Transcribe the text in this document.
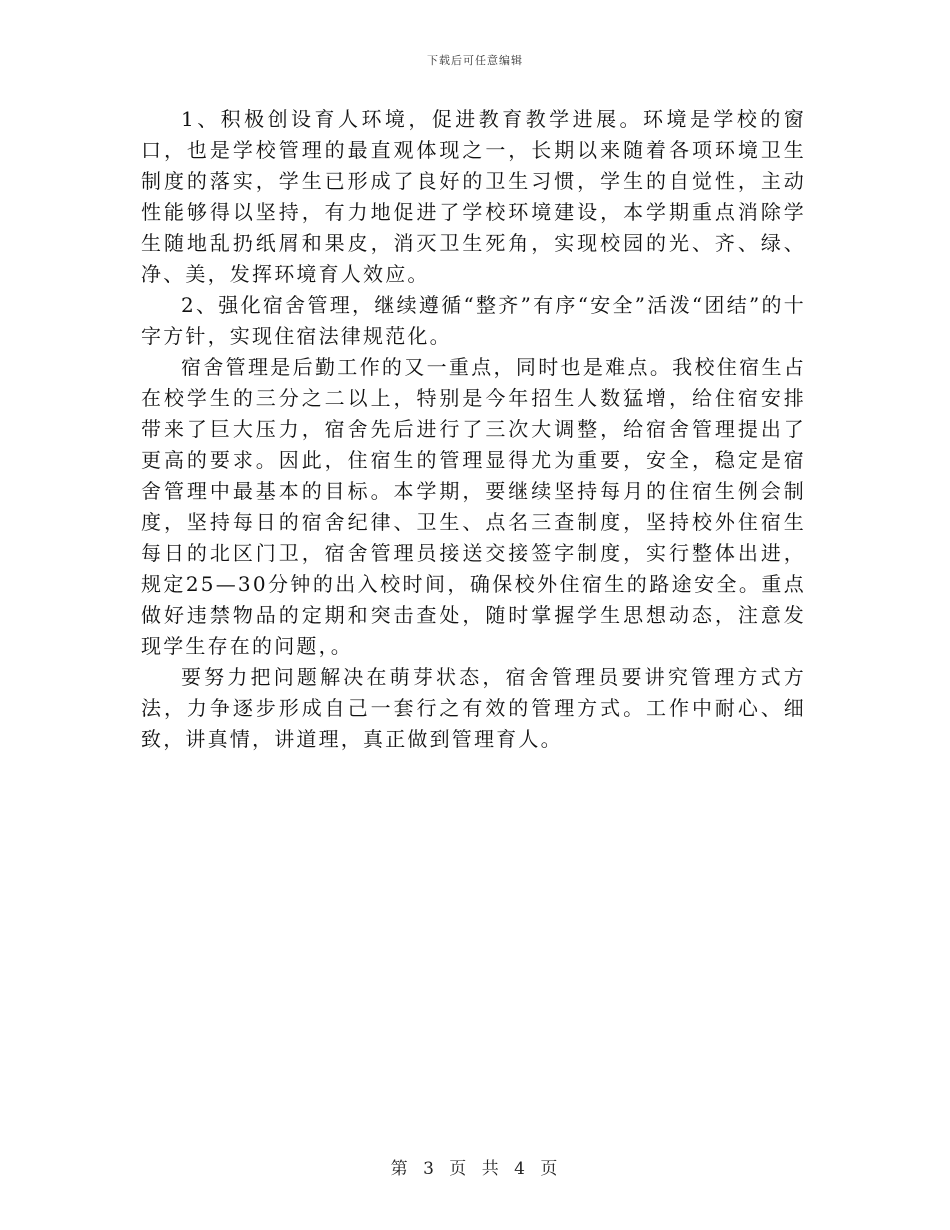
下载后可任意编辑

1、积极创设育人环境，促进教育教学进展。环境是学校的窗口，也是学校管理的最直观体现之一，长期以来随着各项环境卫生制度的落实，学生已形成了良好的卫生习惯，学生的自觉性，主动性能够得以坚持，有力地促进了学校环境建设，本学期重点消除学生随地乱扔纸屑和果皮，消灭卫生死角，实现校园的光、齐、绿、净、美，发挥环境育人效应。

2、强化宿舍管理，继续遵循“整齐”有序“安全”活泼“团结”的十字方针，实现住宿法律规范化。

宿舍管理是后勤工作的又一重点，同时也是难点。我校住宿生占在校学生的三分之二以上，特别是今年招生人数猛增，给住宿安排带来了巨大压力，宿舍先后进行了三次大调整，给宿舍管理提出了更高的要求。因此，住宿生的管理显得尤为重要，安全，稳定是宿舍管理中最基本的目标。本学期，要继续坚持每月的住宿生例会制度，坚持每日的宿舍纪律、卫生、点名三查制度，坚持校外住宿生每日的北区门卫，宿舍管理员接送交接签字制度，实行整体出进，规定25—30分钟的出入校时间，确保校外住宿生的路途安全。重点做好违禁物品的定期和突击查处，随时掌握学生思想动态，注意发现学生存在的问题，。

要努力把问题解决在萌芽状态，宿舍管理员要讲究管理方式方法，力争逐步形成自己一套行之有效的管理方式。工作中耐心、细致，讲真情，讲道理，真正做到管理育人。

第 3 页 共 4 页
